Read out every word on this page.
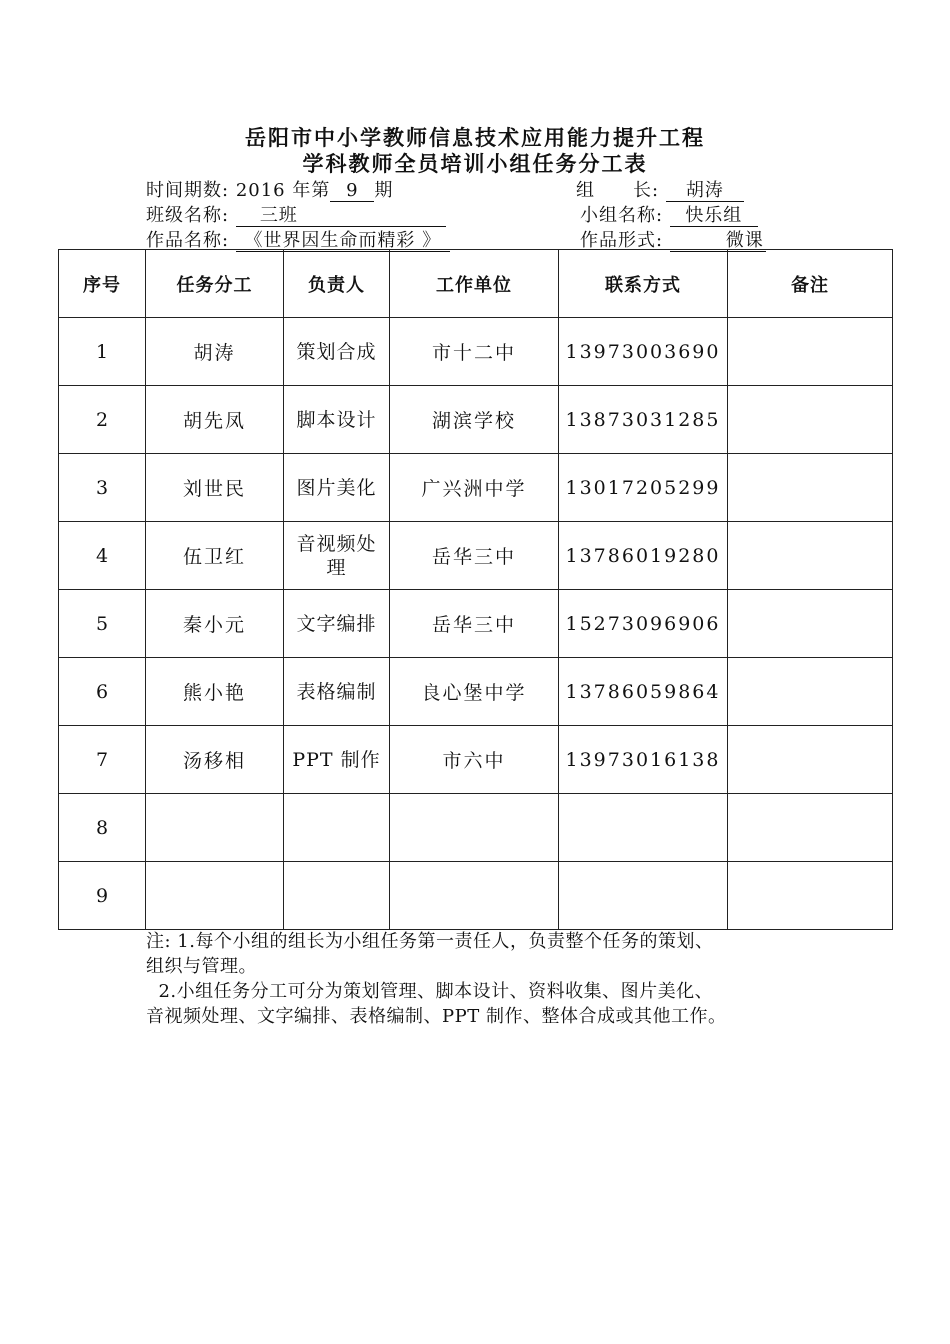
岳阳市中小学教师信息技术应用能力提升工程
学科教师全员培训小组任务分工表
时间期数: 2016 年第 9 期	组　　长: 胡涛
班级名称: 三班	小组名称: 快乐组
作品名称: 《世界因生命而精彩 》	作品形式:	微课
序号	任务分工	负责人	工作单位	联系方式	备注
1	胡涛	策划合成	市十二中	13973003690	
2	胡先凤	脚本设计	湖滨学校	13873031285	
3	刘世民	图片美化	广兴洲中学	13017205299	
4	伍卫红	音视频处理	岳华三中	13786019280	
5	秦小元	文字编排	岳华三中	15273096906	
6	熊小艳	表格编制	良心堡中学	13786059864	
7	汤移相	PPT 制作	市六中	13973016138	
8					
9					
注: 1.每个小组的组长为小组任务第一责任人，负责整个任务的策划、
组织与管理。
2.小组任务分工可分为策划管理、脚本设计、资料收集、图片美化、
音视频处理、文字编排、表格编制、PPT 制作、整体合成或其他工作。
